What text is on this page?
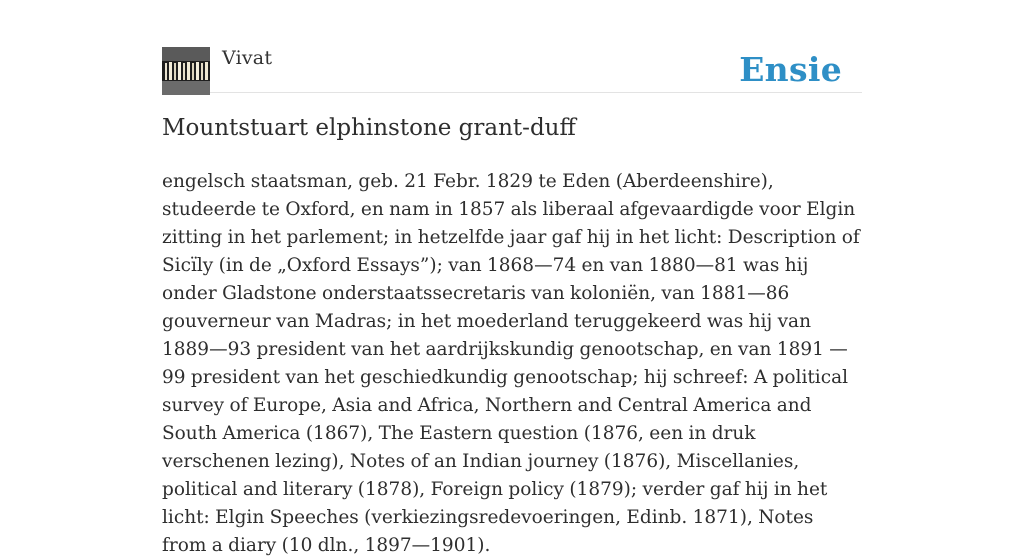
Vivat	Ensie
Mountstuart elphinstone grant-duff

engelsch staatsman, geb. 21 Febr. 1829 te Eden (Aberdeenshire), studeerde te Oxford, en nam in 1857 als liberaal afgevaardigde voor Elgin zitting in het parlement; in hetzelfde jaar gaf hij in het licht: Description of Sicïly (in de „Oxford Essays”); van 1868—74 en van 1880—81 was hij onder Gladstone onderstaatssecretaris van koloniën, van 1881—86 gouverneur van Madras; in het moederland teruggekeerd was hij van 1889—93 president van het aardrijkskundig genootschap, en van 1891 —99 president van het geschiedkundig genootschap; hij schreef: A political survey of Europe, Asia and Africa, Northern and Central America and South America (1867), The Eastern question (1876, een in druk verschenen lezing), Notes of an Indian journey (1876), Miscellanies, political and literary (1878), Foreign policy (1879); verder gaf hij in het licht: Elgin Speeches (verkiezingsredevoeringen, Edinb. 1871), Notes from a diary (10 dln., 1897—1901).
